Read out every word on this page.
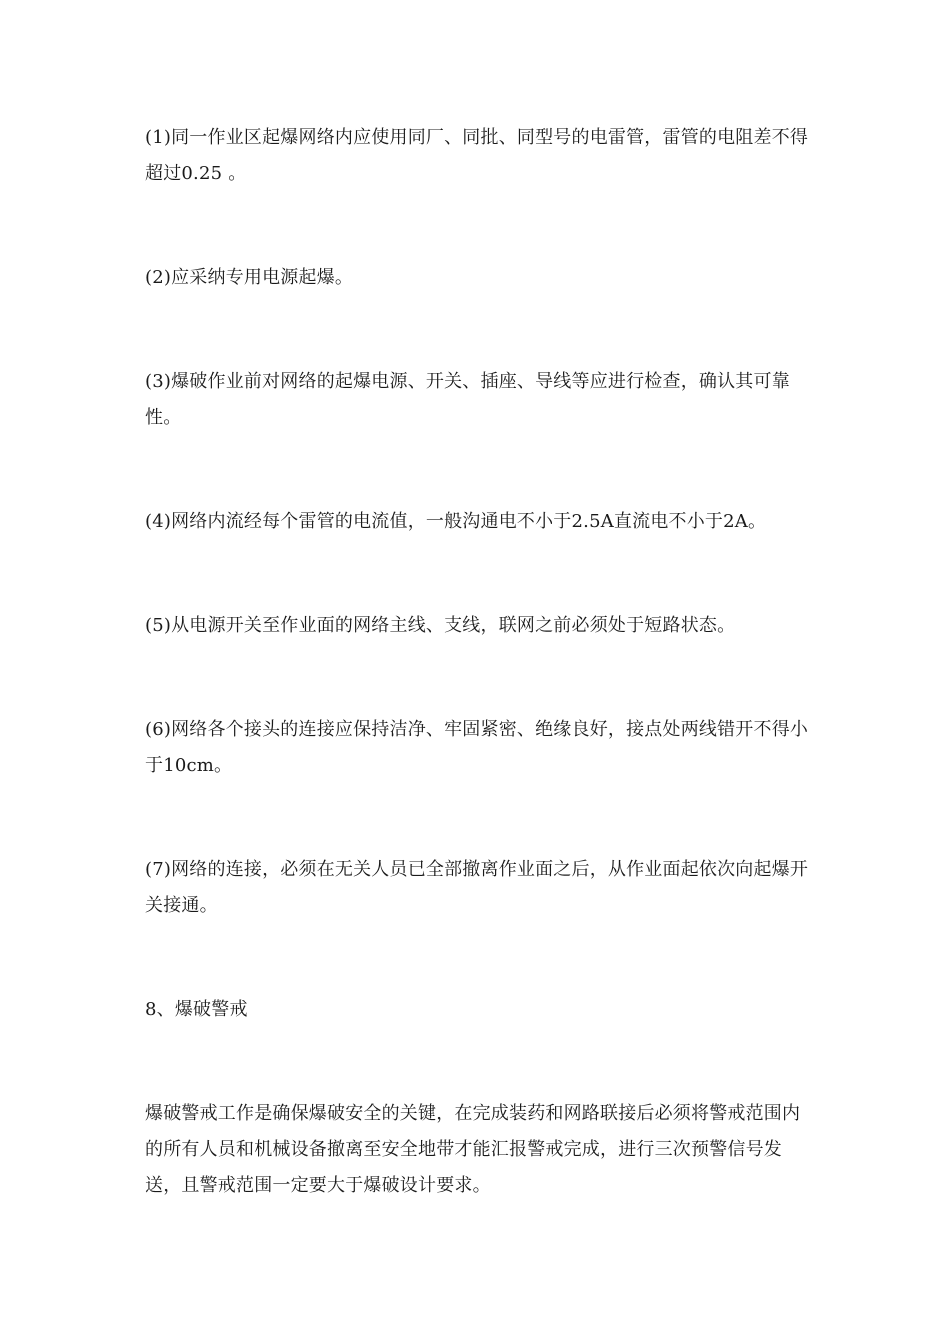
(1)同一作业区起爆网络内应使用同厂、同批、同型号的电雷管，雷管的电阻差不得超过0.25 。

(2)应采纳专用电源起爆。

(3)爆破作业前对网络的起爆电源、开关、插座、导线等应进行检查，确认其可靠性。

(4)网络内流经每个雷管的电流值，一般沟通电不小于2.5A直流电不小于2A。

(5)从电源开关至作业面的网络主线、支线，联网之前必须处于短路状态。

(6)网络各个接头的连接应保持洁净、牢固紧密、绝缘良好，接点处两线错开不得小于10cm。

(7)网络的连接，必须在无关人员已全部撤离作业面之后，从作业面起依次向起爆开关接通。

8、爆破警戒

爆破警戒工作是确保爆破安全的关键，在完成装药和网路联接后必须将警戒范围内的所有人员和机械设备撤离至安全地带才能汇报警戒完成，进行三次预警信号发送，且警戒范围一定要大于爆破设计要求。
